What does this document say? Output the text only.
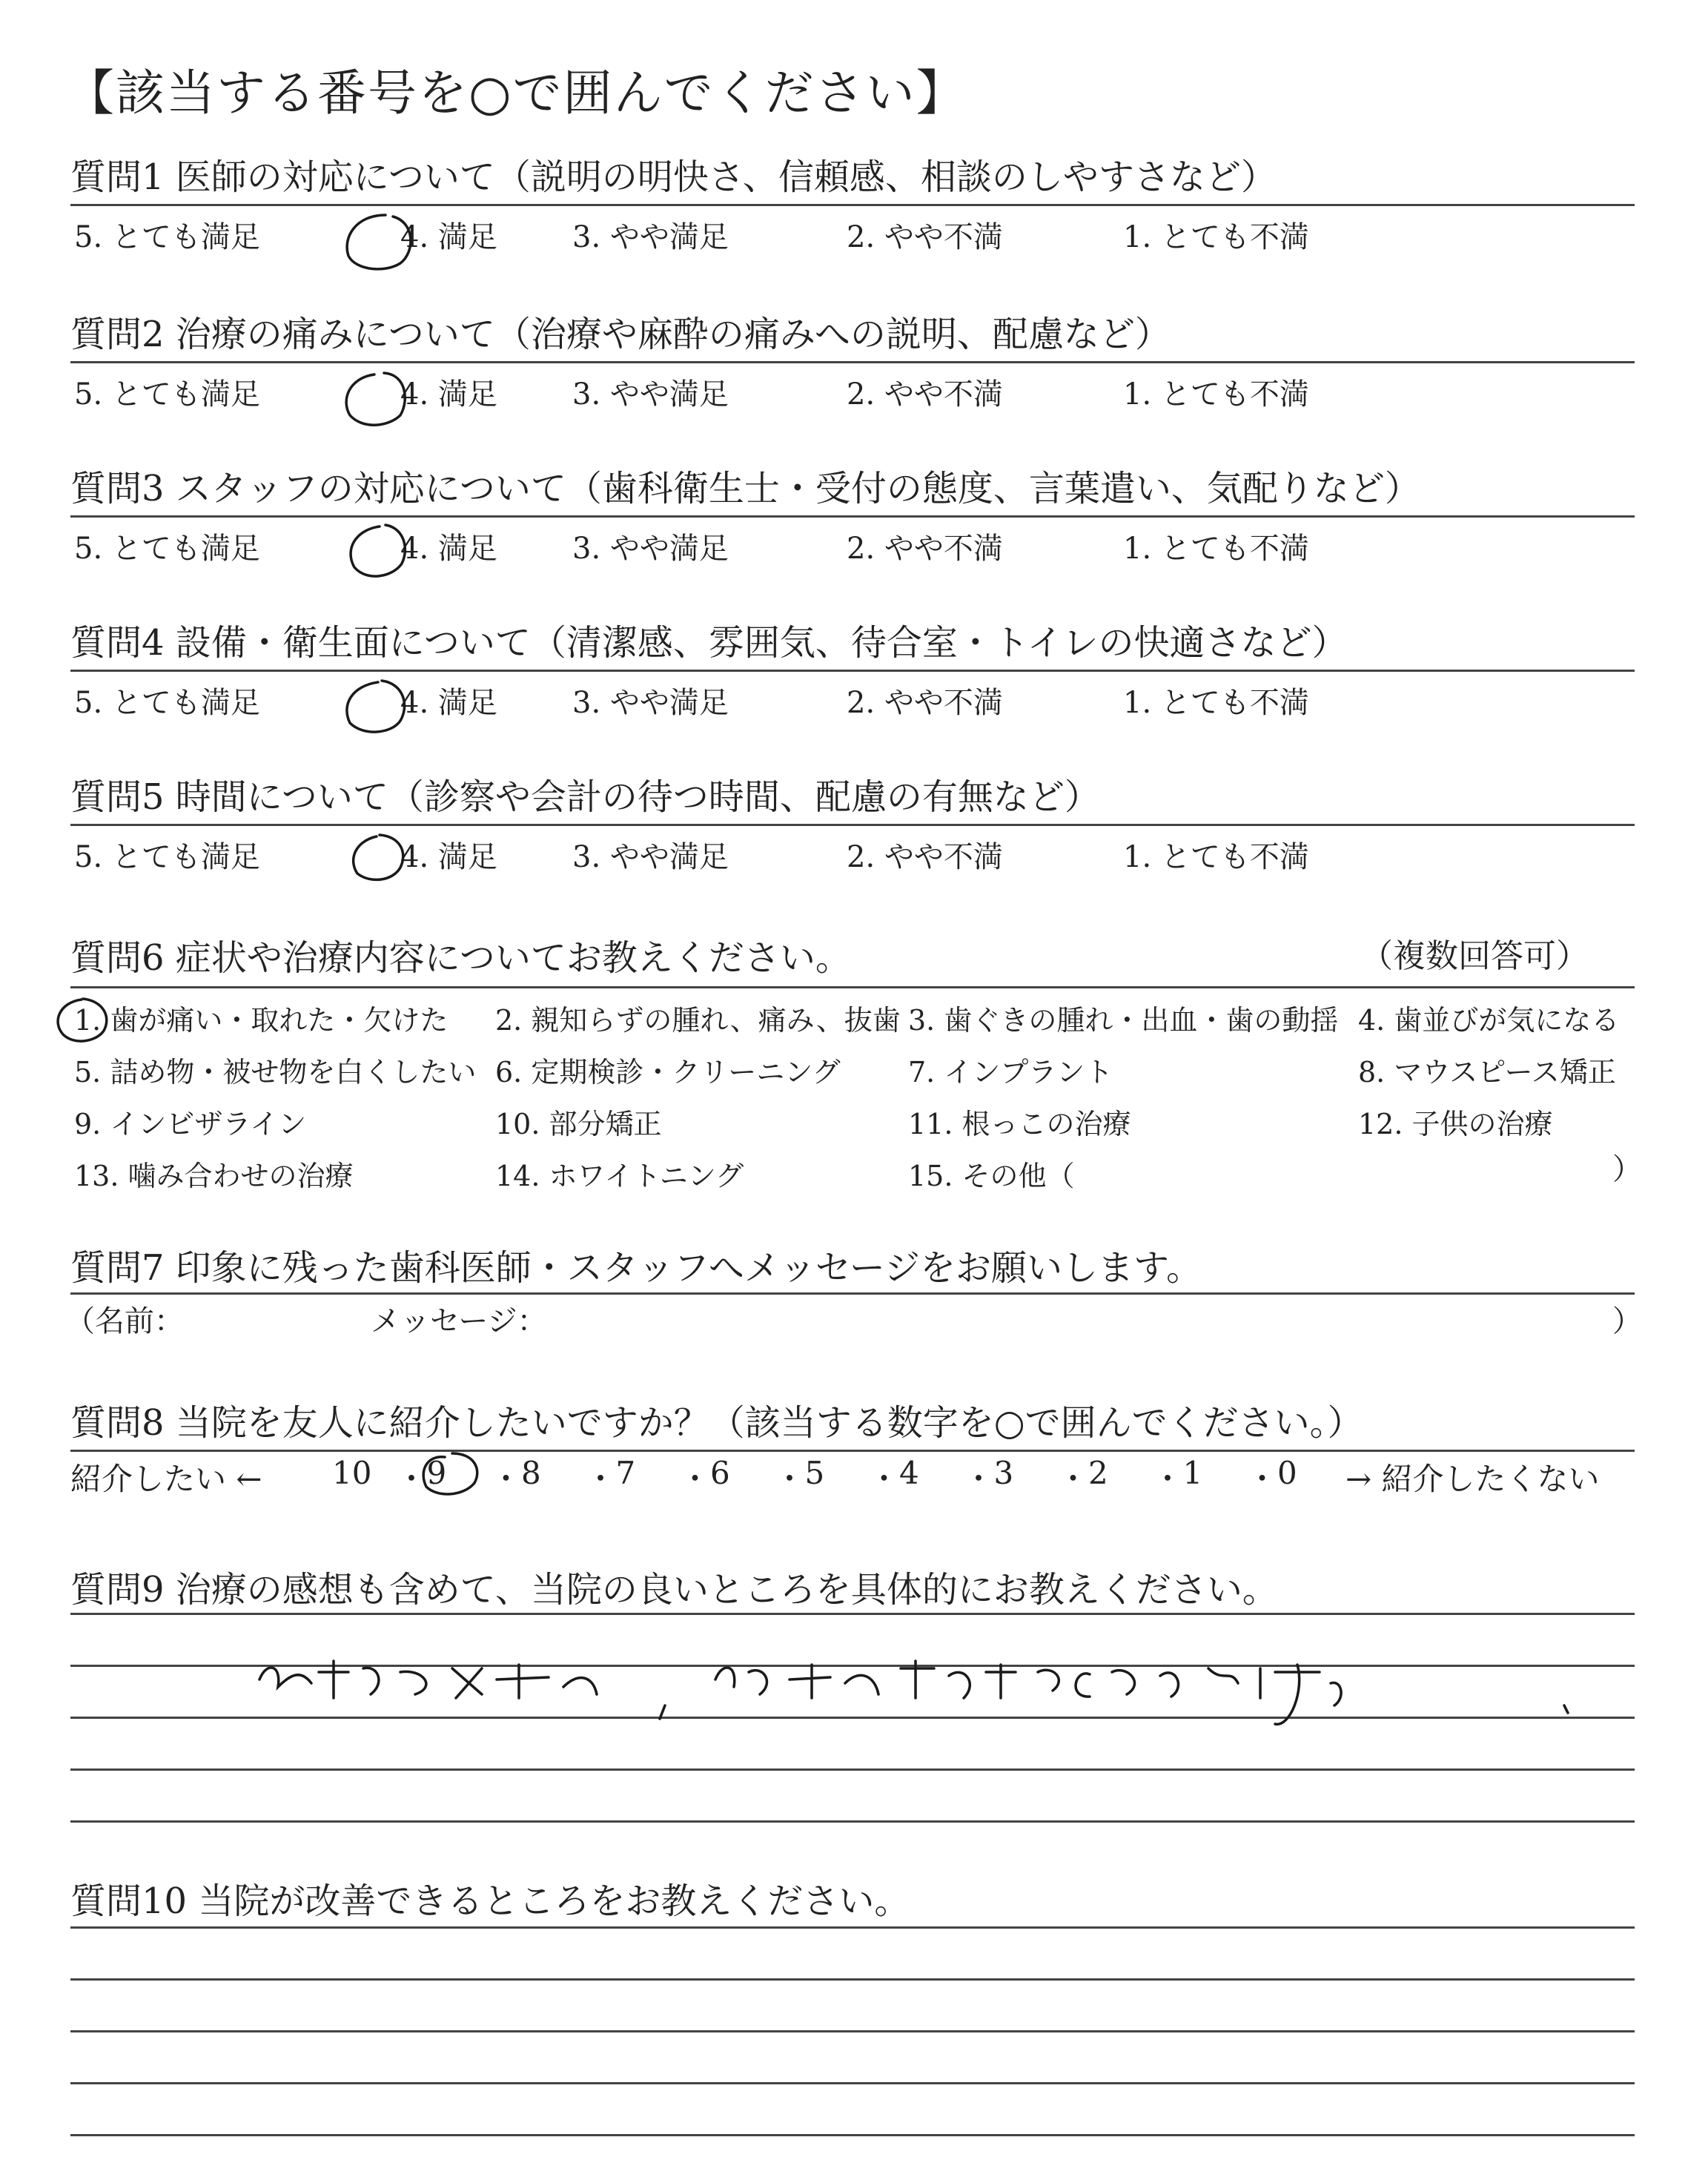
【該当する番号を○で囲んでください】
質問1 医師の対応について（説明の明快さ、信頼感、相談のしやすさなど）
5. とても満足	4. 満足	3. やや満足	2. やや不満	1. とても不満
質問2 治療の痛みについて（治療や麻酔の痛みへの説明、配慮など）
5. とても満足	4. 満足	3. やや満足	2. やや不満	1. とても不満
質問3 スタッフの対応について（歯科衛生士・受付の態度、言葉遣い、気配りなど）
5. とても満足	4. 満足	3. やや満足	2. やや不満	1. とても不満
質問4 設備・衛生面について（清潔感、雰囲気、待合室・トイレの快適さなど）
5. とても満足	4. 満足	3. やや満足	2. やや不満	1. とても不満
質問5 時間について（診察や会計の待つ時間、配慮の有無など）
5. とても満足	4. 満足	3. やや満足	2. やや不満	1. とても不満
質問6 症状や治療内容についてお教えください。	（複数回答可）
1. 歯が痛い・取れた・欠けた 2. 親知らずの腫れ、痛み、抜歯 3. 歯ぐきの腫れ・出血・歯の動揺 4. 歯並びが気になる
5. 詰め物・被せ物を白くしたい 6. 定期検診・クリーニング 7. インプラント	8. マウスピース矯正
9. インビザライン	10. 部分矯正	11. 根っこの治療	12. 子供の治療
13. 噛み合わせの治療	14. ホワイトニング	15. その他（	）
質問7 印象に残った歯科医師・スタッフへメッセージをお願いします。
（名前：	メッセージ：	）
質問8 当院を友人に紹介したいですか？（該当する数字を○で囲んでください。）
紹介したい ← 10 ・ 9 ・ 8 ・ 7 ・ 6 ・ 5 ・ 4 ・ 3 ・ 2 ・ 1 ・ 0 → 紹介したくない
質問9 治療の感想も含めて、当院の良いところを具体的にお教えください。
質問10 当院が改善できるところをお教えください。
